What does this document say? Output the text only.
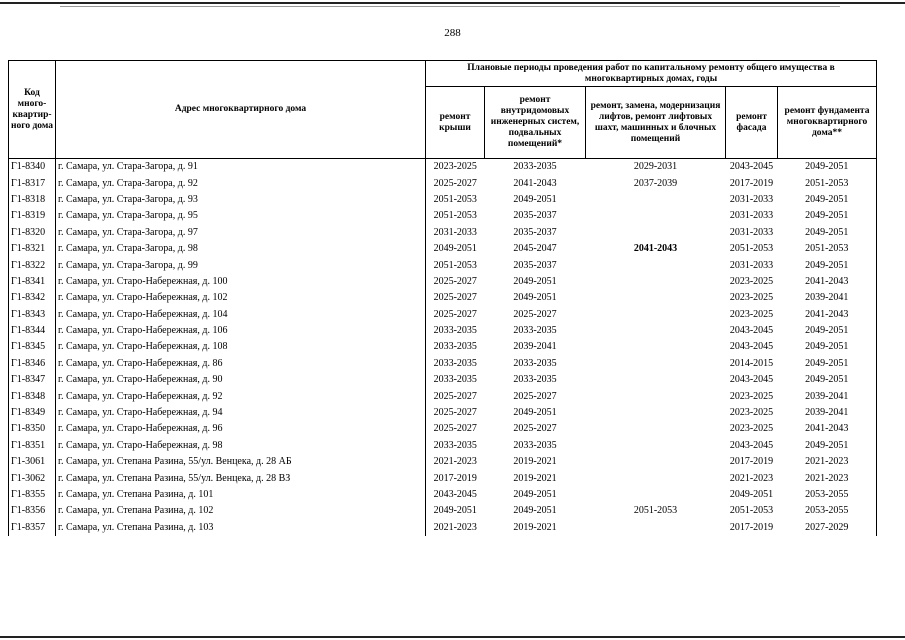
288
Код много-квартир-ного дома	Адрес многоквартирного дома	Плановые периоды проведения работ по капитальному ремонту общего имущества в многоквартирных домах, годы				
		ремонт крыши	ремонт внутридомовых инженерных систем, подвальных помещений*	ремонт, замена, модернизация лифтов, ремонт лифтовых шахт, машинных и блочных помещений	ремонт фасада	ремонт фундамента многоквартирного дома**
Г1-8340	г. Самара, ул. Стара-Загора, д. 91	2023-2025	2033-2035	2029-2031	2043-2045	2049-2051
Г1-8317	г. Самара, ул. Стара-Загора, д. 92	2025-2027	2041-2043	2037-2039	2017-2019	2051-2053
Г1-8318	г. Самара, ул. Стара-Загора, д. 93	2051-2053	2049-2051		2031-2033	2049-2051
Г1-8319	г. Самара, ул. Стара-Загора, д. 95	2051-2053	2035-2037		2031-2033	2049-2051
Г1-8320	г. Самара, ул. Стара-Загора, д. 97	2031-2033	2035-2037		2031-2033	2049-2051
Г1-8321	г. Самара, ул. Стара-Загора, д. 98	2049-2051	2045-2047	2041-2043	2051-2053	2051-2053
Г1-8322	г. Самара, ул. Стара-Загора, д. 99	2051-2053	2035-2037		2031-2033	2049-2051
Г1-8341	г. Самара, ул. Старо-Набережная, д. 100	2025-2027	2049-2051		2023-2025	2041-2043
Г1-8342	г. Самара, ул. Старо-Набережная, д. 102	2025-2027	2049-2051		2023-2025	2039-2041
Г1-8343	г. Самара, ул. Старо-Набережная, д. 104	2025-2027	2025-2027		2023-2025	2041-2043
Г1-8344	г. Самара, ул. Старо-Набережная, д. 106	2033-2035	2033-2035		2043-2045	2049-2051
Г1-8345	г. Самара, ул. Старо-Набережная, д. 108	2033-2035	2039-2041		2043-2045	2049-2051
Г1-8346	г. Самара, ул. Старо-Набережная, д. 86	2033-2035	2033-2035		2014-2015	2049-2051
Г1-8347	г. Самара, ул. Старо-Набережная, д. 90	2033-2035	2033-2035		2043-2045	2049-2051
Г1-8348	г. Самара, ул. Старо-Набережная, д. 92	2025-2027	2025-2027		2023-2025	2039-2041
Г1-8349	г. Самара, ул. Старо-Набережная, д. 94	2025-2027	2049-2051		2023-2025	2039-2041
Г1-8350	г. Самара, ул. Старо-Набережная, д. 96	2025-2027	2025-2027		2023-2025	2041-2043
Г1-8351	г. Самара, ул. Старо-Набережная, д. 98	2033-2035	2033-2035		2043-2045	2049-2051
Г1-3061	г. Самара, ул. Степана Разина, 55/ул. Венцека, д. 28 АБ	2021-2023	2019-2021		2017-2019	2021-2023
Г1-3062	г. Самара, ул. Степана Разина, 55/ул. Венцека, д. 28 ВЗ	2017-2019	2019-2021		2021-2023	2021-2023
Г1-8355	г. Самара, ул. Степана Разина, д. 101	2043-2045	2049-2051		2049-2051	2053-2055
Г1-8356	г. Самара, ул. Степана Разина, д. 102	2049-2051	2049-2051	2051-2053	2051-2053	2053-2055
Г1-8357	г. Самара, ул. Степана Разина, д. 103	2021-2023	2019-2021		2017-2019	2027-2029
